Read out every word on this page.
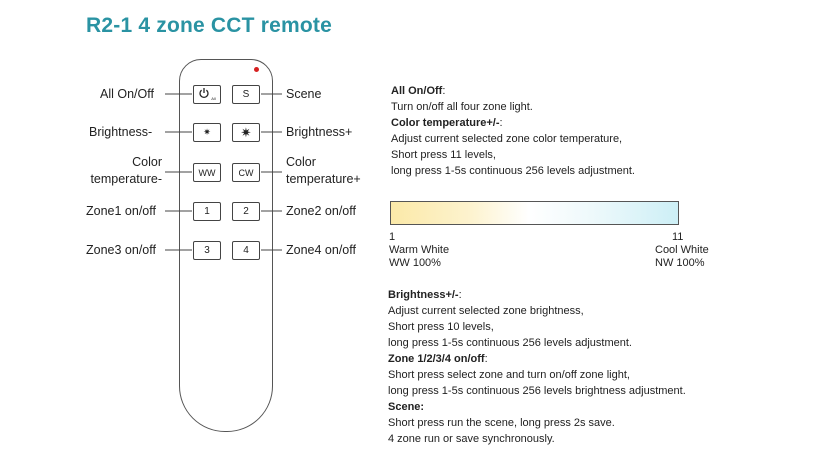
R2-1 4 zone CCT remote
All	S
✷ ✷
WW	CW
1	2
3	4
All On/Off
Brightness-
Color
temperature-
Zone1 on/off
Zone3 on/off
Scene
Brightness+
Color
temperature+
Zone2 on/off
Zone4 on/off
All On/Off:
Turn on/off all four zone light.
Color temperature+/-:
Adjust current selected zone color temperature,
Short press 11 levels,
long press 1-5s continuous 256 levels adjustment.
1
Warm White
WW 100%
11
Cool White
NW 100%
Brightness+/-:
Adjust current selected zone brightness,
Short press 10 levels,
long press 1-5s continuous 256 levels adjustment.
Zone 1/2/3/4 on/off:
Short press select zone and turn on/off zone light,
long press 1-5s continuous 256 levels brightness adjustment.
Scene:
Short press run the scene, long press 2s save.
4 zone run or save synchronously.
